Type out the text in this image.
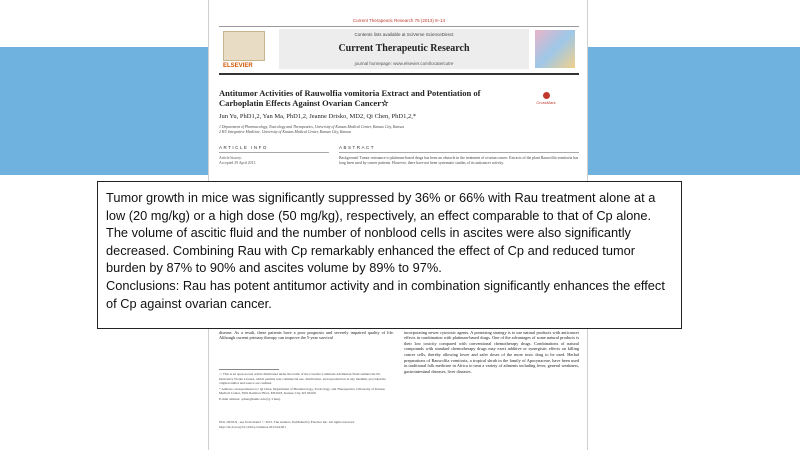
Current Therapeutic Research 75 (2013) 8–14
ELSEVIER
Contents lists available at SciVerse ScienceDirect
Current Therapeutic Research
journal homepage: www.elsevier.com/locate/cutre
Antitumor Activities of Rauwolfia vomitoria Extract and Potentiation of Carboplatin Effects Against Ovarian Cancer☆	CrossMark
Jun Yu, PhD1,2, Yan Ma, PhD1,2, Jeanne Drisko, MD2, Qi Chen, PhD1,2,*
1 Department of Pharmacology, Toxicology and Therapeutics, University of Kansas Medical Center, Kansas City, Kansas
2 KU Integrative Medicine, University of Kansas Medical Center, Kansas City, Kansas
ARTICLE INFO	ABSTRACT
Article history:
Accepted 29 April 2013
Background: Tumor resistance to platinum-based drugs has been an obstacle in the treatment of ovarian cancer. Extracts of the plant Rauwolfia vomitoria has long been used by cancer patients. However, there have not been systematic studies of its anticancer activity.
disease. As a result, these patients have a poor prognosis and severely impaired quality of life. Although current primary therapy can improve the 5-year survival
incorporating newer cytotoxic agents. A promising strategy is to use natural products with anticancer effects in combination with platinum-based drugs. One of the advantages of some natural products is their low toxicity compared with conventional chemotherapy drugs. Combinations of natural compounds with standard chemotherapy drugs may exert additive or synergistic effects on killing cancer cells, thereby allowing lower and safer doses of the more toxic drug to be used. Herbal preparations of Rauwolfia vomitoria, a tropical shrub in the family of Apocynaceae, have been used in traditional folk medicine in Africa to treat a variety of ailments including fever, general weakness, gastrointestinal diseases, liver diseases.

☆ This is an open-access article distributed under the terms of the Creative Commons Attribution-NonCommercial-No Derivative Works License, which permits non-commercial use, distribution, and reproduction in any medium, provided the original author and source are credited.

* Address correspondence to: Qi Chen, Department of Pharmacology, Toxicology, and Therapeutics, University of Kansas Medical Center, 3901 Rainbow Blvd, MS1018, Kansas City, KS 66160.

E-mail address: qchen@kumc.edu (Q. Chen).

0011-393X/$ - see front matter © 2013. The Authors. Published by Elsevier Inc. All rights reserved.
http://dx.doi.org/10.1016/j.curtheres.2013.04.001

Tumor growth in mice was significantly suppressed by 36% or 66% with Rau treatment alone at a low (20 mg/kg) or a high dose (50 mg/kg), respectively, an effect comparable to that of Cp alone. The volume of ascitic fluid and the number of nonblood cells in ascites were also significantly decreased. Combining Rau with Cp remarkably enhanced the effect of Cp and reduced tumor burden by 87% to 90% and ascites volume by 89% to 97%.

Conclusions: Rau has potent antitumor activity and in combination significantly enhances the effect of Cp against ovarian cancer.
